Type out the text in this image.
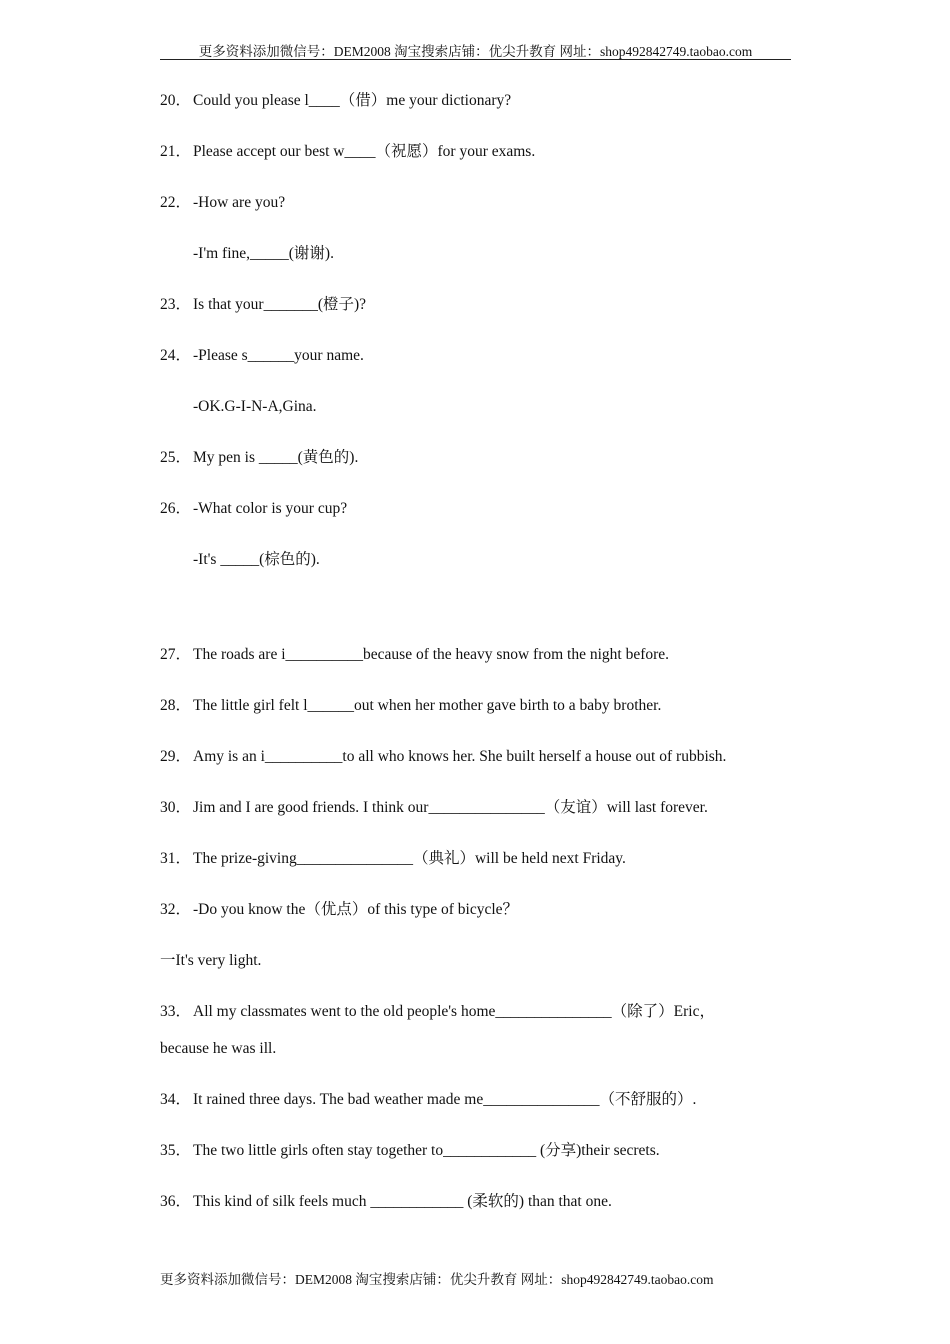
更多资料添加微信号：DEM2008 淘宝搜索店铺：优尖升教育 网址：shop492842749.taobao.com
20． Could you please l____（借）me your dictionary?
21． Please accept our best w____（祝愿）for your exams.
22． -How are you?
-I'm fine,_____(谢谢).
23． Is that your_______(橙子)?
24． -Please s______your name.
-OK.G-I-N-A,Gina.
25． My pen is _____(黄色的).
26． -What color is your cup?
-It's _____(棕色的).
27． The roads are i__________because of the heavy snow from the night before.
28． The little girl felt l______out when her mother gave birth to a baby brother.
29． Amy is an i__________to all who knows her. She built herself a house out of rubbish.
30． Jim and I are good friends. I think our_______________（友谊）will last forever.
31． The prize-giving_______________（典礼）will be held next Friday.
32． -Do you know the（优点）of this type of bicycle？
一It's very light.
33． All my classmates went to the old people's home_______________（除了）Eric，
because he was ill.
34． It rained three days. The bad weather made me_______________（不舒服的）.
35． The two little girls often stay together to____________ (分享)their secrets.
36． This kind of silk feels much ____________ (柔软的) than that one.
更多资料添加微信号：DEM2008 淘宝搜索店铺：优尖升教育 网址：shop492842749.taobao.com
